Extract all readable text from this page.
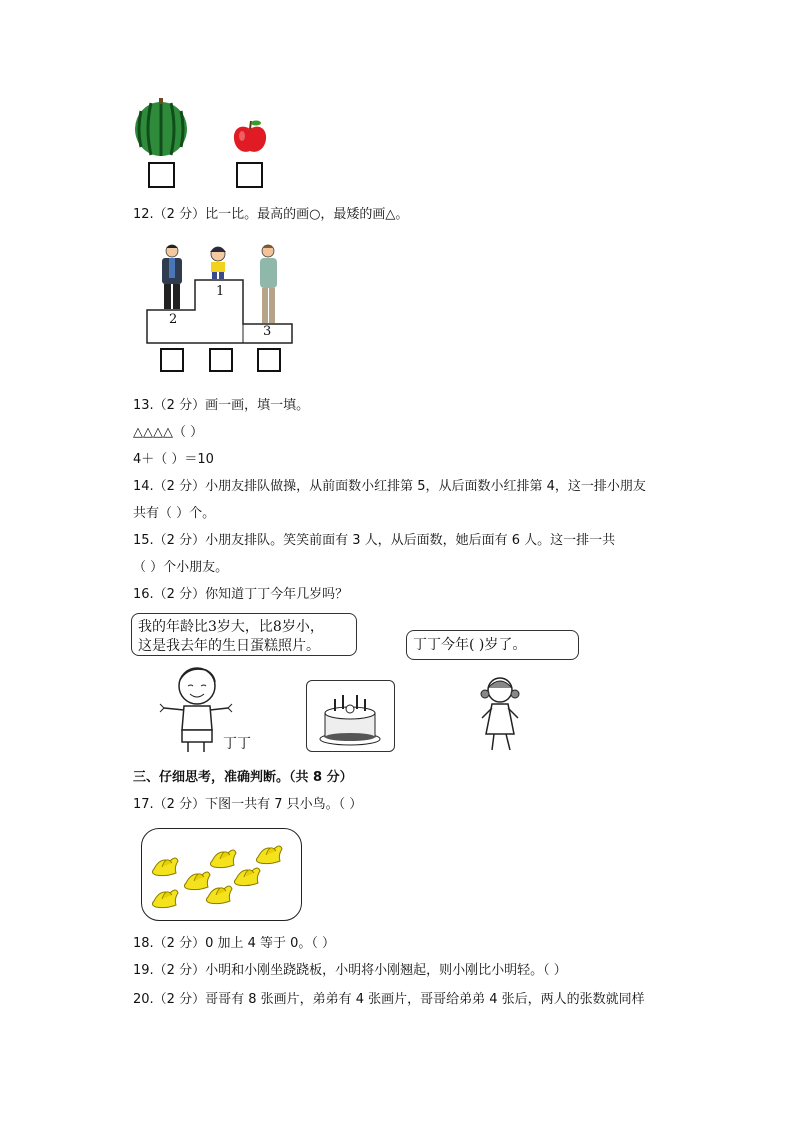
12.（2 分）比一比。最高的画○，最矮的画△。
2
1
3
13.（2 分）画一画，填一填。
△△△△（ ）
4＋（ ）＝10
14.（2 分）小朋友排队做操，从前面数小红排第 5，从后面数小红排第 4，这一排小朋友
共有（ ）个。
15.（2 分）小朋友排队。笑笑前面有 3 人，从后面数，她后面有 6 人。这一排一共
（ ）个小朋友。
16.（2 分）你知道丁丁今年几岁吗？
我的年龄比3岁大，比8岁小，
这是我去年的生日蛋糕照片。	丁丁今年( )岁了。
丁丁
三、仔细思考，准确判断。（共 8 分）
17.（2 分）下图一共有 7 只小鸟。（ ）
18.（2 分）0 加上 4 等于 0。（ ）
19.（2 分）小明和小刚坐跷跷板，小明将小刚翘起，则小刚比小明轻。（ ）
20.（2 分）哥哥有 8 张画片，弟弟有 4 张画片，哥哥给弟弟 4 张后，两人的张数就同样
